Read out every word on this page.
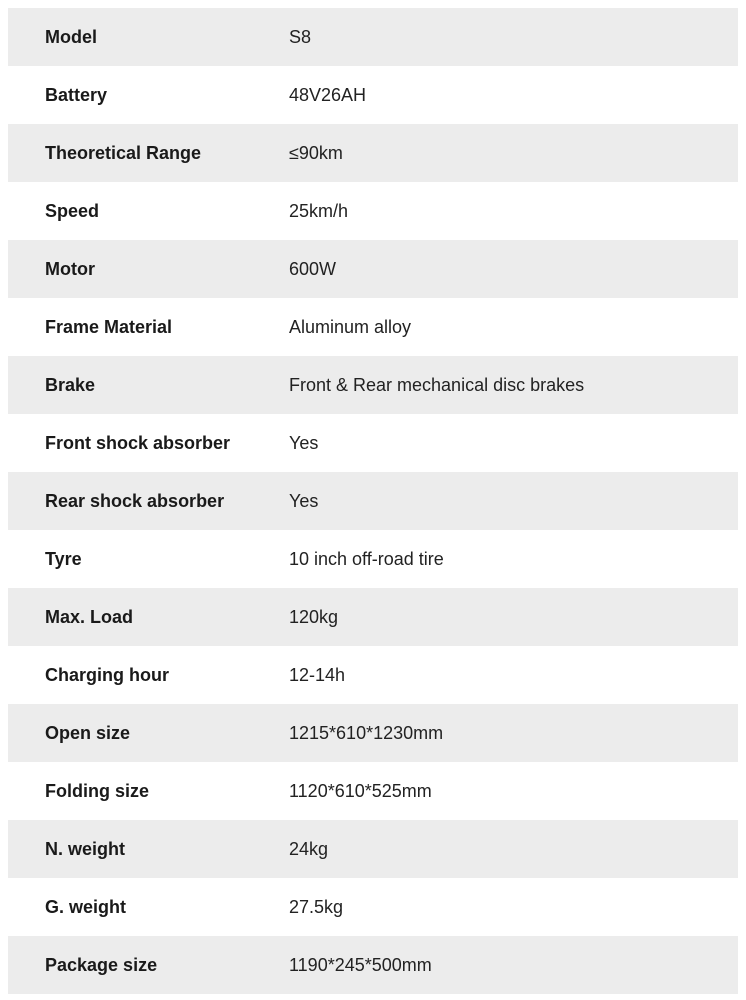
Model	S8
Battery	48V26AH
Theoretical Range	≤90km
Speed	25km/h
Motor	600W
Frame Material	Aluminum alloy
Brake	Front & Rear mechanical disc brakes
Front shock absorber	Yes
Rear shock absorber	Yes
Tyre	10 inch off-road tire
Max. Load	120kg
Charging hour	12-14h
Open size	1215*610*1230mm
Folding size	1120*610*525mm
N. weight	24kg
G. weight	27.5kg
Package size	1190*245*500mm
